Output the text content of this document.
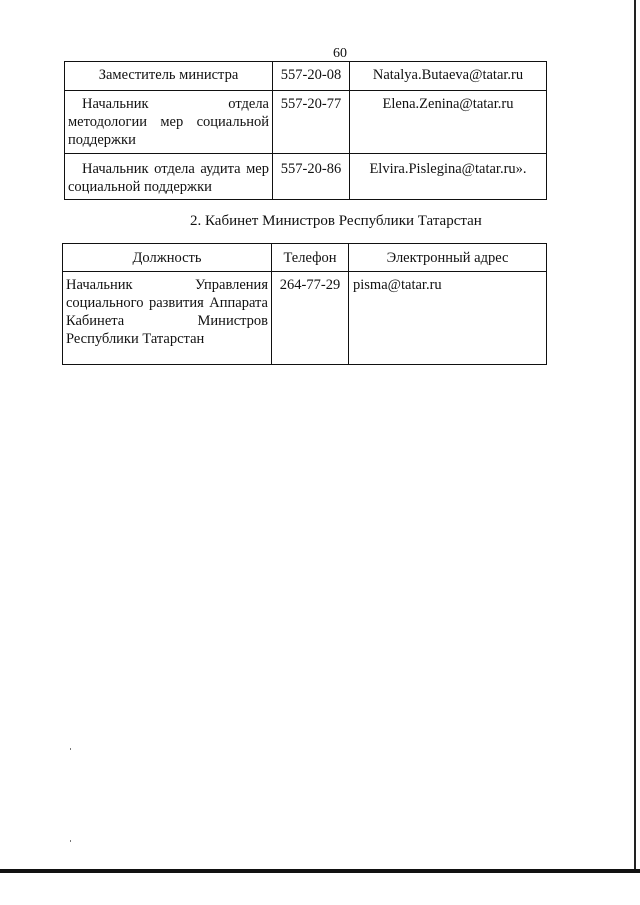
60
Заместитель министра	557-20-08	Natalya.Butaeva@tatar.ru
Начальник отдела методологии мер социальной поддержки	557-20-77	Elena.Zenina@tatar.ru
Начальник отдела аудита мер социальной поддержки	557-20-86	Elvira.Pislegina@tatar.ru».
2. Кабинет Министров Республики Татарстан
Должность	Телефон	Электронный адрес
Начальник Управления социального развития Аппарата Кабинета Министров Республики Татарстан	264-77-29	pisma@tatar.ru
